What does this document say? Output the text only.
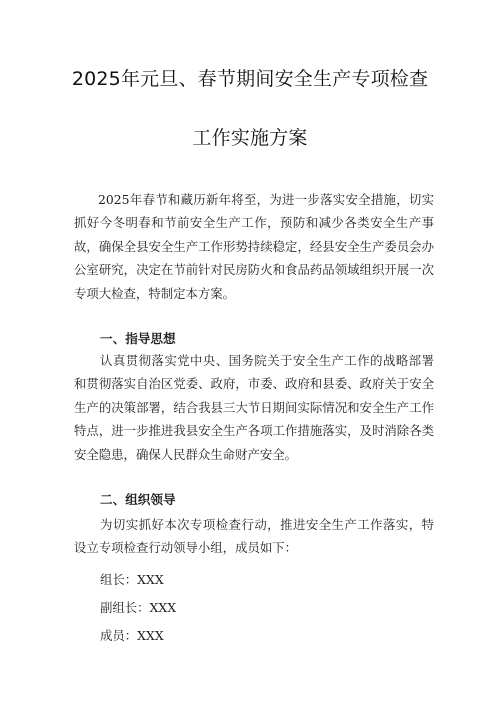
2025年元旦、春节期间安全生产专项检查
工作实施方案
2025年春节和藏历新年将至，为进一步落实安全措施，切实抓好今冬明春和节前安全生产工作，预防和减少各类安全生产事故，确保全县安全生产工作形势持续稳定，经县安全生产委员会办公室研究，决定在节前针对民房防火和食品药品领域组织开展一次专项大检查，特制定本方案。
一、指导思想
认真贯彻落实党中央、国务院关于安全生产工作的战略部署和贯彻落实自治区党委、政府，市委、政府和县委、政府关于安全生产的决策部署，结合我县三大节日期间实际情况和安全生产工作特点，进一步推进我县安全生产各项工作措施落实，及时消除各类安全隐患，确保人民群众生命财产安全。
二、组织领导
为切实抓好本次专项检查行动，推进安全生产工作落实，特设立专项检查行动领导小组，成员如下：
组长：XXX
副组长：XXX
成员：XXX
